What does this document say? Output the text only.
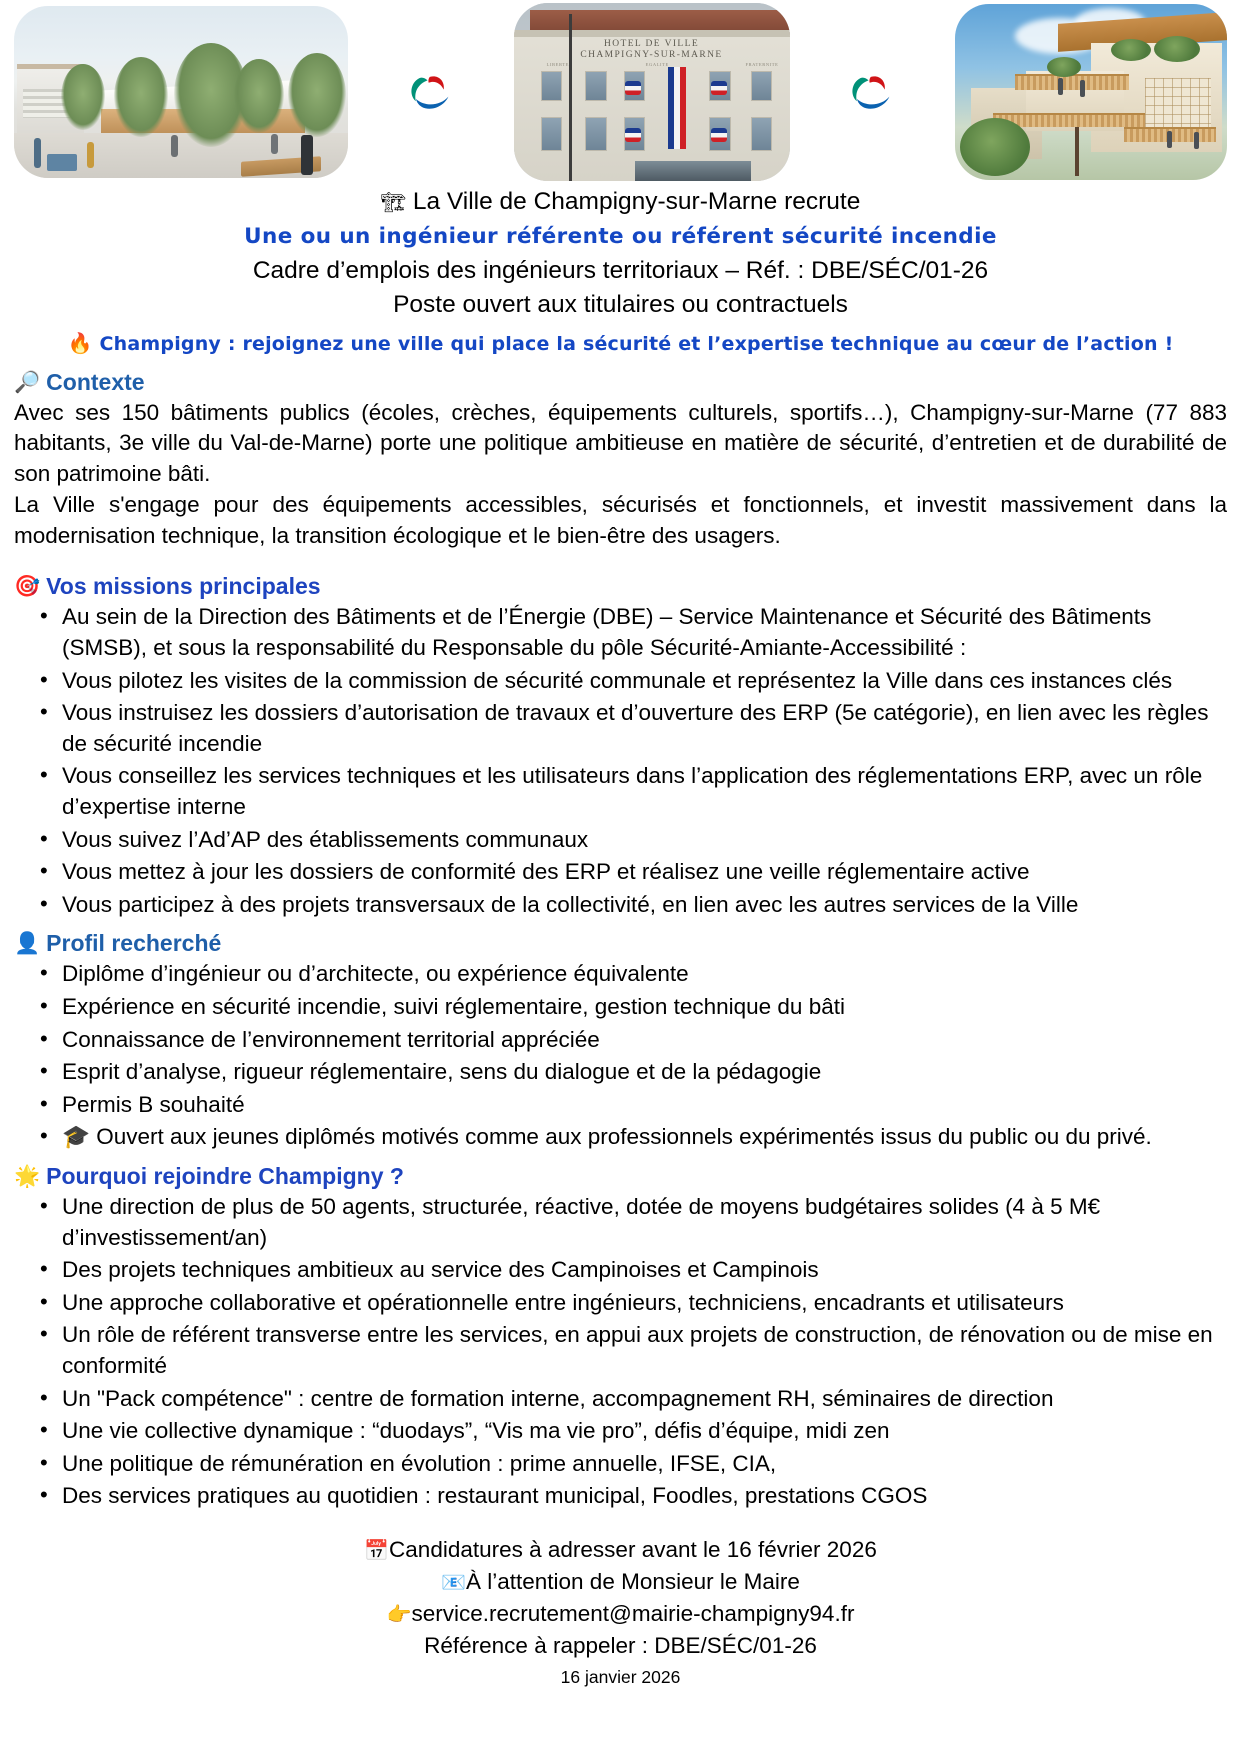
HOTEL DE VILLE
CHAMPIGNY-SUR-MARNE
LIBERTE	EGALITE	FRATERNITE
🏗 La Ville de Champigny-sur-Marne recrute
Une ou un ingénieur référente ou référent sécurité incendie
Cadre d’emplois des ingénieurs territoriaux – Réf. : DBE/SÉC/01-26
Poste ouvert aux titulaires ou contractuels
🔥 Champigny : rejoignez une ville qui place la sécurité et l’expertise technique au cœur de l’action !
🔎 Contexte

Avec ses 150 bâtiments publics (écoles, crèches, équipements culturels, sportifs…), Champigny-sur-Marne (77 883 habitants, 3e ville du Val-de-Marne) porte une politique ambitieuse en matière de sécurité, d’entretien et de durabilité de son patrimoine bâti.

La Ville s'engage pour des équipements accessibles, sécurisés et fonctionnels, et investit massivement dans la modernisation technique, la transition écologique et le bien-être des usagers.

🎯 Vos missions principales
• Au sein de la Direction des Bâtiments et de l’Énergie (DBE) – Service Maintenance et Sécurité des Bâtiments (SMSB), et sous la responsabilité du Responsable du pôle Sécurité-Amiante-Accessibilité :
• Vous pilotez les visites de la commission de sécurité communale et représentez la Ville dans ces instances clés
• Vous instruisez les dossiers d’autorisation de travaux et d’ouverture des ERP (5e catégorie), en lien avec les règles de sécurité incendie
• Vous conseillez les services techniques et les utilisateurs dans l’application des réglementations ERP, avec un rôle d’expertise interne
• Vous suivez l’Ad’AP des établissements communaux
• Vous mettez à jour les dossiers de conformité des ERP et réalisez une veille réglementaire active
• Vous participez à des projets transversaux de la collectivité, en lien avec les autres services de la Ville
👤 Profil recherché
• Diplôme d’ingénieur ou d’architecte, ou expérience équivalente
• Expérience en sécurité incendie, suivi réglementaire, gestion technique du bâti
• Connaissance de l’environnement territorial appréciée
• Esprit d’analyse, rigueur réglementaire, sens du dialogue et de la pédagogie
• Permis B souhaité
• 🎓 Ouvert aux jeunes diplômés motivés comme aux professionnels expérimentés issus du public ou du privé.
🌟 Pourquoi rejoindre Champigny ?
• Une direction de plus de 50 agents, structurée, réactive, dotée de moyens budgétaires solides (4 à 5 M€ d’investissement/an)
• Des projets techniques ambitieux au service des Campinoises et Campinois
• Une approche collaborative et opérationnelle entre ingénieurs, techniciens, encadrants et utilisateurs
• Un rôle de référent transverse entre les services, en appui aux projets de construction, de rénovation ou de mise en conformité
• Un "Pack compétence" : centre de formation interne, accompagnement RH, séminaires de direction
• Une vie collective dynamique : “duodays”, “Vis ma vie pro”, défis d’équipe, midi zen
• Une politique de rémunération en évolution : prime annuelle, IFSE, CIA,
• Des services pratiques au quotidien : restaurant municipal, Foodles, prestations CGOS
📅Candidatures à adresser avant le 16 février 2026
📧À l’attention de Monsieur le Maire
👉service.recrutement@mairie-champigny94.fr
Référence à rappeler : DBE/SÉC/01-26
16 janvier 2026
